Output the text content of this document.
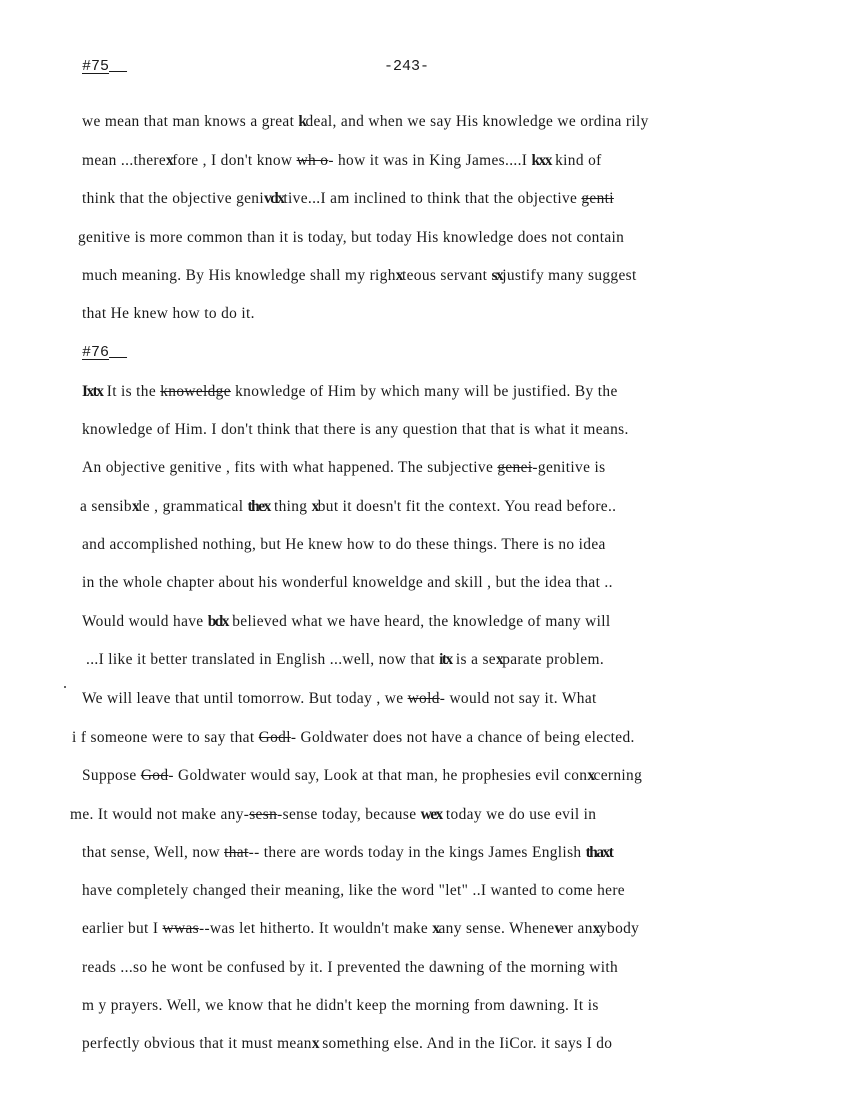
#75	-243-
we mean that man knows a great kdeal, and when we say His knowledge we ordina rily
mean ...therexfore , I don't know wh o- how it was in King James....I kxx kind of
think that the objective genivdxtive...I am inclined to think that the objective genti
genitive is more common than it is today, but today His knowledge does not contain
much meaning. By His knowledge shall my righxteous servant sxjustify many suggest
that He knew how to do it.
Ixtx It is the knoweldge knowledge of Him by which many will be justified. By the
knowledge of Him. I don't think that there is any question that that is what it means.
An objective genitive , fits with what happened. The subjective genei-genitive is
a sensibxle , grammatical thex thing xbut it doesn't fit the context. You read before..
and accomplished nothing, but He knew how to do these things. There is no idea
in the whole chapter about his wonderful knoweldge and skill , but the idea that ..
Would would have bdx believed what we have heard, the knowledge of many will
...I like it better translated in English ...well, now that itx is a sexparate problem.
We will leave that until tomorrow. But today , we wold- would not say it. What
i f someone were to say that Godl- Goldwater does not have a chance of being elected.
Suppose God- Goldwater would say, Look at that man, he prophesies evil conxcerning
me. It would not make any-sesn-sense today, because wex today we do use evil in
that sense, Well, now that-- there are words today in the kings James English thaxt
have completely changed their meaning, like the word "let" ..I wanted to come here
earlier but I wwas--was let hitherto. It wouldn't make xany sense. Whenever anxybody
reads ...so he wont be confused by it. I prevented the dawning of the morning with
m y prayers. Well, we know that he didn't keep the morning from dawning. It is
perfectly obvious that it must meanx something else. And in the IiCor. it says I do
#76
